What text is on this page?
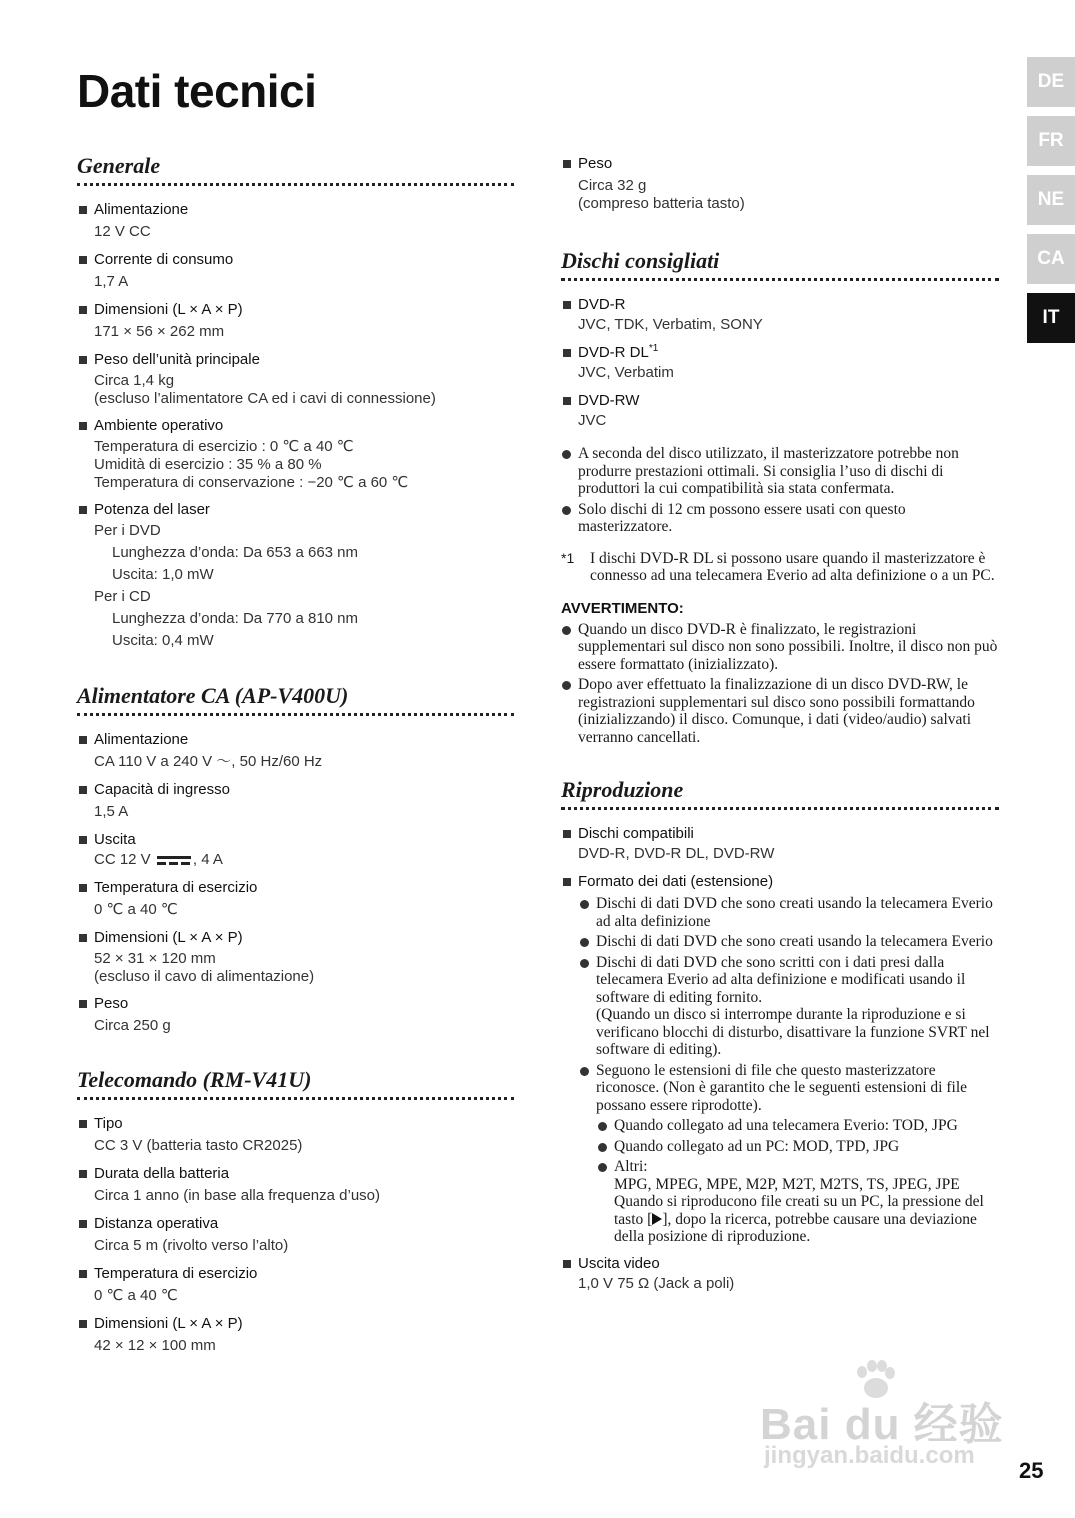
Dati tecnici	DE
FR
NE
CA
IT
Generale
Alimentazione
12 V CC
Corrente di consumo
1,7 A
Dimensioni (L × A × P)
171 × 56 × 262 mm
Peso dell’unità principale
Circa 1,4 kg
(escluso l’alimentatore CA ed i cavi di connessione)
Ambiente operativo
Temperatura di esercizio : 0 ℃ a 40 ℃
Umidità di esercizio : 35 % a 80 %
Temperatura di conservazione : −20 ℃ a 60 ℃
Potenza del laser
Per i DVD
Lunghezza d’onda: Da 653 a 663 nm
Uscita: 1,0 mW
Per i CD
Lunghezza d’onda: Da 770 a 810 nm
Uscita: 0,4 mW
Alimentatore CA (AP-V400U)
Alimentazione
CA 110 V a 240 V ～, 50 Hz/60 Hz
Capacità di ingresso
1,5 A
Uscita
CC 12 V	, 4 A
Temperatura di esercizio
0 ℃ a 40 ℃
Dimensioni (L × A × P)
52 × 31 × 120 mm
(escluso il cavo di alimentazione)
Peso
Circa 250 g
Telecomando (RM-V41U)
Tipo
CC 3 V (batteria tasto CR2025)
Durata della batteria
Circa 1 anno (in base alla frequenza d’uso)
Distanza operativa
Circa 5 m (rivolto verso l’alto)
Temperatura di esercizio
0 ℃ a 40 ℃
Dimensioni (L × A × P)
42 × 12 × 100 mm
Peso
Circa 32 g
(compreso batteria tasto)
Dischi consigliati
DVD-R
JVC, TDK, Verbatim, SONY
DVD-R DL$^{*1}$
JVC, Verbatim
DVD-RW
JVC
A seconda del disco utilizzato, il masterizzatore potrebbe non produrre prestazioni ottimali. Si consiglia l’uso di dischi di produttori la cui compatibilità sia stata confermata.
Solo dischi di 12 cm possono essere usati con questo masterizzatore.
*1 I dischi DVD-R DL si possono usare quando il masterizzatore è connesso ad una telecamera Everio ad alta definizione o a un PC.
AVVERTIMENTO:
Quando un disco DVD-R è finalizzato, le registrazioni supplementari sul disco non sono possibili. Inoltre, il disco non può essere formattato (inizializzato).
Dopo aver effettuato la finalizzazione di un disco DVD-RW, le registrazioni supplementari sul disco sono possibili formattando (inizializzando) il disco. Comunque, i dati (video/audio) salvati verranno cancellati.
Riproduzione
Dischi compatibili
DVD-R, DVD-R DL, DVD-RW
Formato dei dati (estensione)
Dischi di dati DVD che sono creati usando la telecamera Everio ad alta definizione
Dischi di dati DVD che sono creati usando la telecamera Everio
Dischi di dati DVD che sono scritti con i dati presi dalla telecamera Everio ad alta definizione e modificati usando il software di editing fornito.
(Quando un disco si interrompe durante la riproduzione e si verificano blocchi di disturbo, disattivare la funzione SVRT nel software di editing).
Seguono le estensioni di file che questo masterizzatore riconosce. (Non è garantito che le seguenti estensioni di file possano essere riprodotte).
Quando collegato ad una telecamera Everio: TOD, JPG
Quando collegato ad un PC: MOD, TPD, JPG
Altri:
MPG, MPEG, MPE, M2P, M2T, M2TS, TS, JPEG, JPE
Quando si riproducono file creati su un PC, la pressione del tasto [ ], dopo la ricerca, potrebbe causare una deviazione della posizione di riproduzione.
Uscita video
1,0 V 75 Ω (Jack a poli)
Bai du 经验
jingyan.baidu.com
25
